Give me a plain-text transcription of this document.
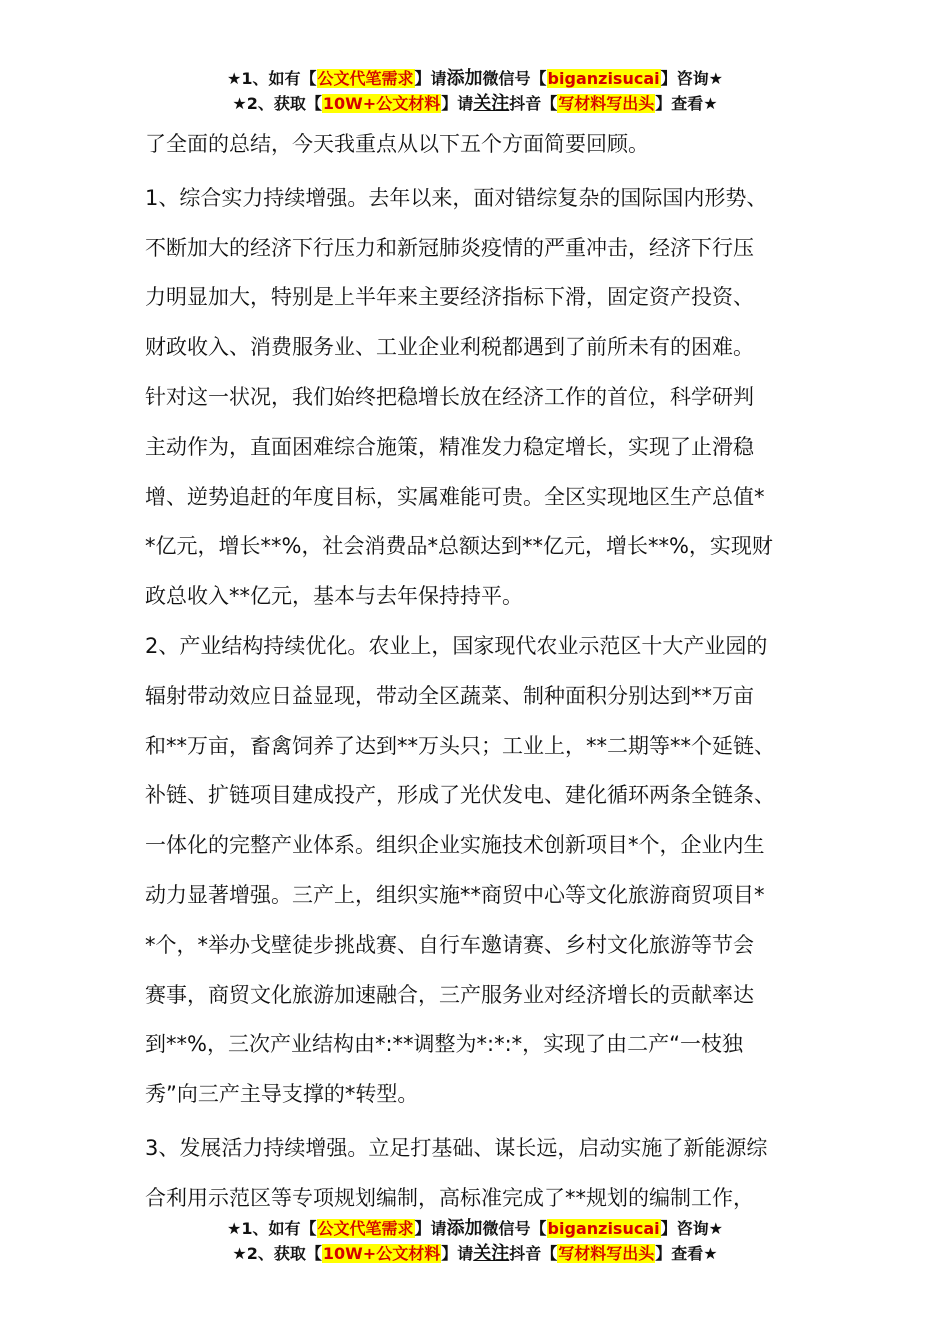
★1、如有【公文代笔需求】请添加微信号【biganzisucai】咨询★
★2、获取【10W+公文材料】请关注抖音【写材料写出头】查看★

了全面的总结，今天我重点从以下五个方面简要回顾。

1、综合实力持续增强。去年以来，面对错综复杂的国际国内形势、

不断加大的经济下行压力和新冠肺炎疫情的严重冲击，经济下行压

力明显加大，特别是上半年来主要经济指标下滑，固定资产投资、

财政收入、消费服务业、工业企业利税都遇到了前所未有的困难。

针对这一状况，我们始终把稳增长放在经济工作的首位，科学研判

主动作为，直面困难综合施策，精准发力稳定增长，实现了止滑稳

增、逆势追赶的年度目标，实属难能可贵。全区实现地区生产总值*

*亿元，增长**%，社会消费品*总额达到**亿元，增长**%，实现财

政总收入**亿元，基本与去年保持持平。

2、产业结构持续优化。农业上，国家现代农业示范区十大产业园的

辐射带动效应日益显现，带动全区蔬菜、制种面积分别达到**万亩

和**万亩，畜禽饲养了达到**万头只；工业上，**二期等**个延链、

补链、扩链项目建成投产，形成了光伏发电、建化循环两条全链条、

一体化的完整产业体系。组织企业实施技术创新项目*个，企业内生

动力显著增强。三产上，组织实施**商贸中心等文化旅游商贸项目*

*个，*举办戈壁徒步挑战赛、自行车邀请赛、乡村文化旅游等节会

赛事，商贸文化旅游加速融合，三产服务业对经济增长的贡献率达

到**%，三次产业结构由*:**调整为*:*:*，实现了由二产“一枝独

秀”向三产主导支撑的*转型。

3、发展活力持续增强。立足打基础、谋长远，启动实施了新能源综

合利用示范区等专项规划编制，高标准完成了**规划的编制工作，

★1、如有【公文代笔需求】请添加微信号【biganzisucai】咨询★
★2、获取【10W+公文材料】请关注抖音【写材料写出头】查看★
